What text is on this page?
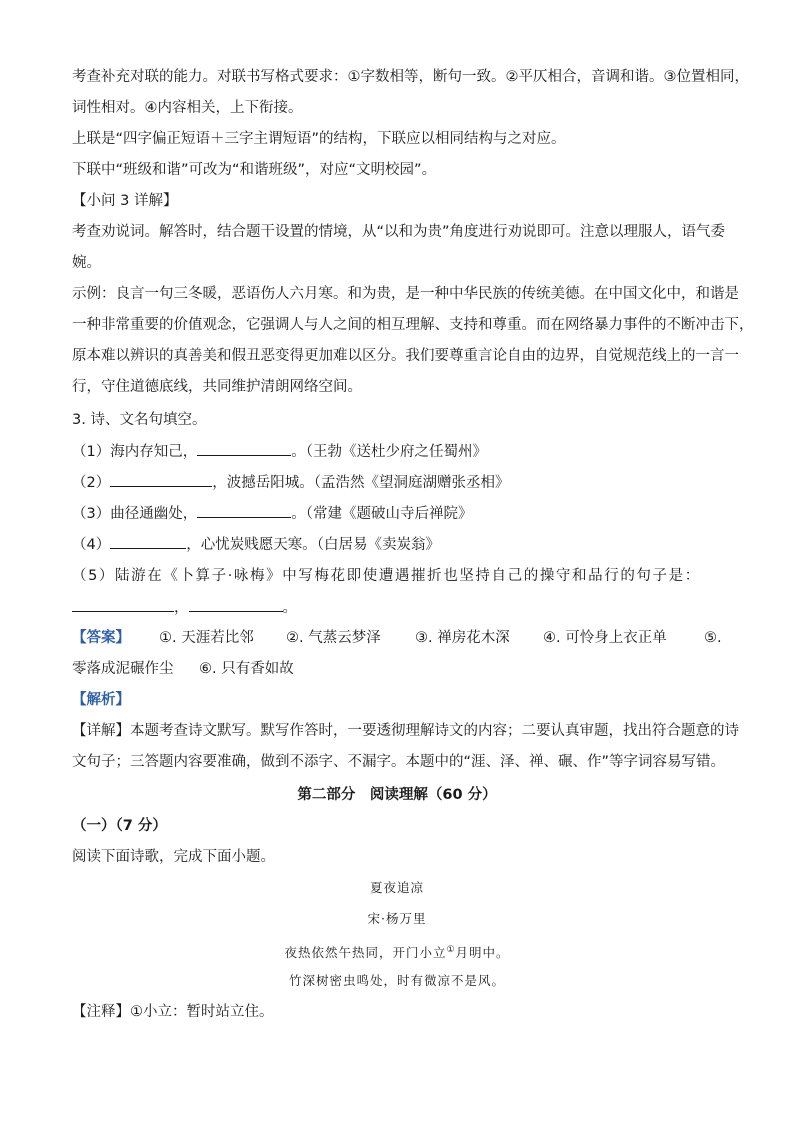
考查补充对联的能力。对联书写格式要求：①字数相等，断句一致。②平仄相合，音调和谐。③位置相同，
词性相对。④内容相关，上下衔接。
上联是“四字偏正短语＋三字主谓短语”的结构，下联应以相同结构与之对应。
下联中“班级和谐”可改为“和谐班级”，对应“文明校园”。
【小问 3 详解】
考查劝说词。解答时，结合题干设置的情境，从“以和为贵”角度进行劝说即可。注意以理服人，语气委
婉。
一种非常重要的价值观念，它强调人与人之间的相互理解、支持和尊重。而在网络暴力事件的不断冲击下，
原本难以辨识的真善美和假丑恶变得更加难以区分。我们要尊重言论自由的边界，自觉规范线上的一言一
行，守住道德底线，共同维护清朗网络空间。
示例：良言一句三冬暖，恶语伤人六月寒。和为贵，是一种中华民族的传统美德。在中国文化中，和谐是
3. 诗、文名句填空。
（1）海内存知己，	。（王勃《送杜少府之任蜀州》
（2）	，波撼岳阳城。（孟浩然《望洞庭湖赠张丞相》
（3）曲径通幽处，	。（常建《题破山寺后禅院》
（4）	，心忧炭贱愿天寒。（白居易《卖炭翁》
（5）陆游在《卜算子·咏梅》中写梅花即使遭遇摧折也坚持自己的操守和品行的句子是：
，	。
【答案】 ①. 天涯若比邻 ②. 气蒸云梦泽 ③. 禅房花木深 ④. 可怜身上衣正单	⑤.
零落成泥碾作尘 ⑥. 只有香如故
【解析】
【详解】本题考查诗文默写。默写作答时，一要透彻理解诗文的内容；二要认真审题，找出符合题意的诗
文句子；三答题内容要准确，做到不添字、不漏字。本题中的“涯、泽、禅、碾、作”等字词容易写错。
第二部分　阅读理解（60 分）
（一）（7 分）
阅读下面诗歌，完成下面小题。
夏夜追凉
宋·杨万里
夜热依然午热同，开门小立①月明中。
竹深树密虫鸣处，时有微凉不是风。
【注释】①小立：暂时站立住。
